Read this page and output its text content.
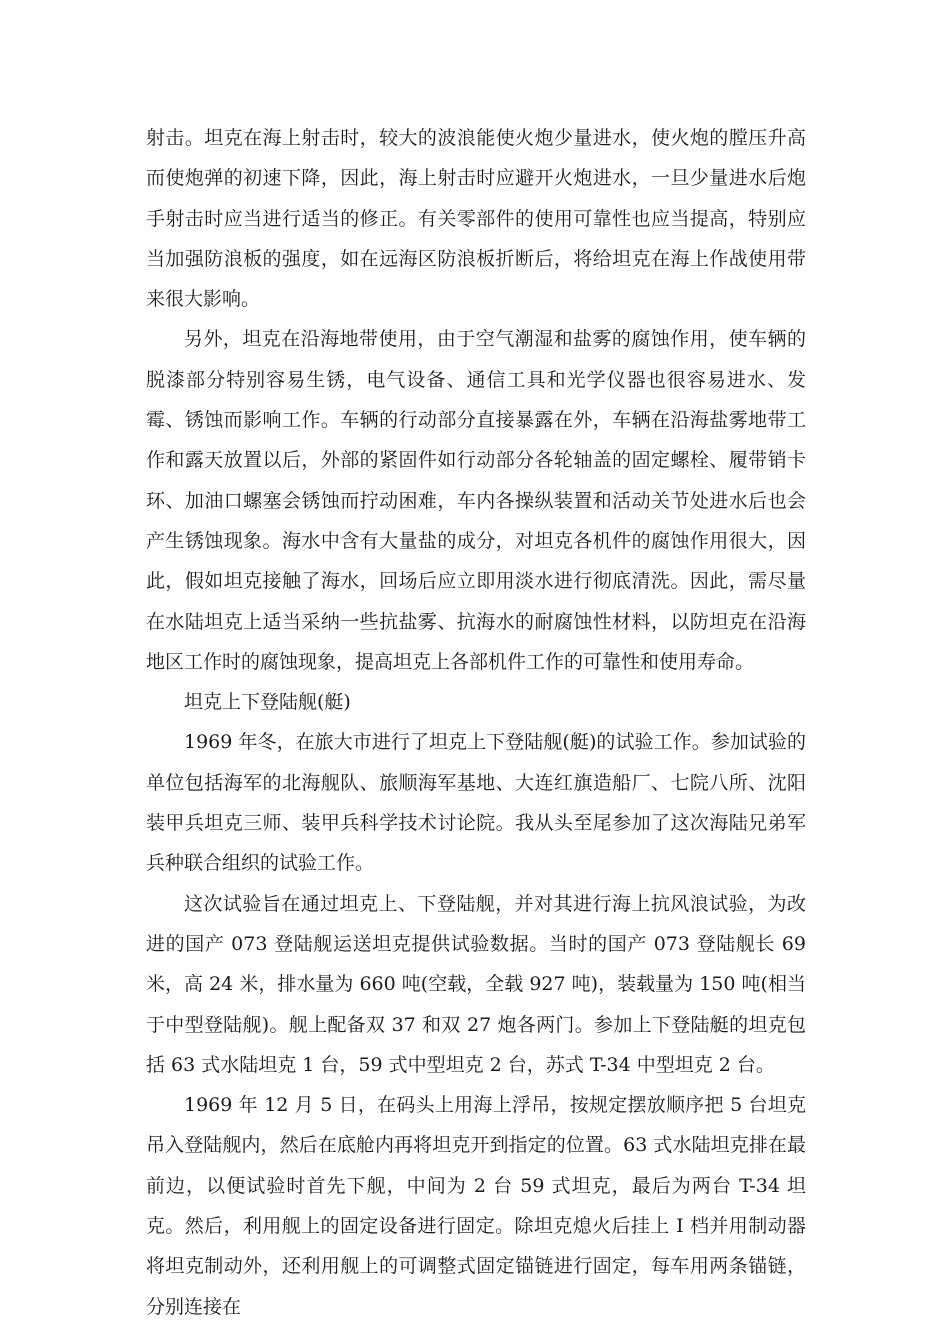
射击。坦克在海上射击时，较大的波浪能使火炮少量进水，使火炮的膛压升高而使炮弹的初速下降，因此，海上射击时应避开火炮进水，一旦少量进水后炮手射击时应当进行适当的修正。有关零部件的使用可靠性也应当提高，特别应当加强防浪板的强度，如在远海区防浪板折断后，将给坦克在海上作战使用带来很大影响。

另外，坦克在沿海地带使用，由于空气潮湿和盐雾的腐蚀作用，使车辆的脱漆部分特别容易生锈，电气设备、通信工具和光学仪器也很容易进水、发霉、锈蚀而影响工作。车辆的行动部分直接暴露在外，车辆在沿海盐雾地带工作和露天放置以后，外部的紧固件如行动部分各轮轴盖的固定螺栓、履带销卡环、加油口螺塞会锈蚀而拧动困难，车内各操纵装置和活动关节处进水后也会产生锈蚀现象。海水中含有大量盐的成分，对坦克各机件的腐蚀作用很大，因此，假如坦克接触了海水，回场后应立即用淡水进行彻底清洗。因此，需尽量在水陆坦克上适当采纳一些抗盐雾、抗海水的耐腐蚀性材料，以防坦克在沿海地区工作时的腐蚀现象，提高坦克上各部机件工作的可靠性和使用寿命。

坦克上下登陆舰(艇)

1969 年冬，在旅大市进行了坦克上下登陆舰(艇)的试验工作。参加试验的单位包括海军的北海舰队、旅顺海军基地、大连红旗造船厂、七院八所、沈阳装甲兵坦克三师、装甲兵科学技术讨论院。我从头至尾参加了这次海陆兄弟军兵种联合组织的试验工作。

这次试验旨在通过坦克上、下登陆舰，并对其进行海上抗风浪试验，为改进的国产 073 登陆舰运送坦克提供试验数据。当时的国产 073 登陆舰长 69 米，高 24 米，排水量为 660 吨(空载，全载 927 吨)，装载量为 150 吨(相当于中型登陆舰)。舰上配备双 37 和双 27 炮各两门。参加上下登陆艇的坦克包括 63 式水陆坦克 1 台，59 式中型坦克 2 台，苏式 T-34 中型坦克 2 台。

1969 年 12 月 5 日，在码头上用海上浮吊，按规定摆放顺序把 5 台坦克吊入登陆舰内，然后在底舱内再将坦克开到指定的位置。63 式水陆坦克排在最前边，以便试验时首先下舰，中间为 2 台 59 式坦克，最后为两台 T-34 坦克。然后，利用舰上的固定设备进行固定。除坦克熄火后挂上 I 档并用制动器将坦克制动外，还利用舰上的可调整式固定锚链进行固定，每车用两条锚链，分别连接在
